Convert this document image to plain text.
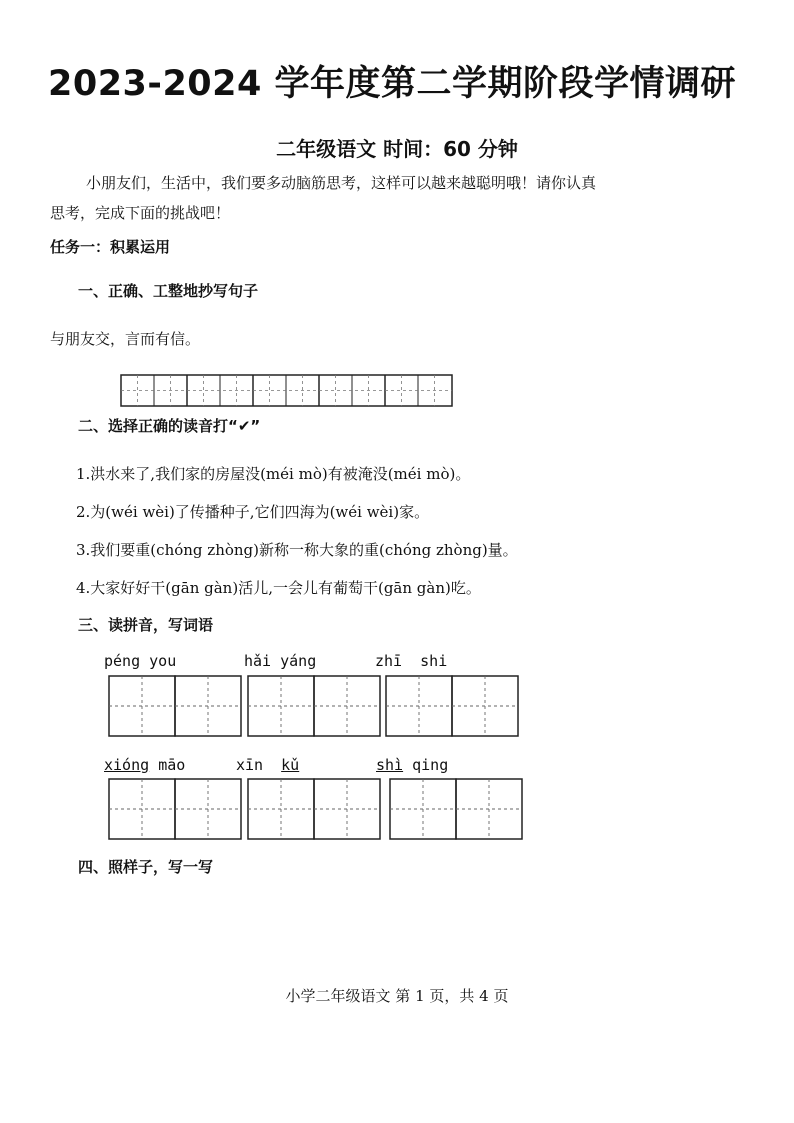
2023-2024 学年度第二学期阶段学情调研
二年级语文 时间：60 分钟
小朋友们，生活中，我们要多动脑筋思考，这样可以越来越聪明哦！请你认真
思考，完成下面的挑战吧！
任务一：积累运用
一、正确、工整地抄写句子
与朋友交，言而有信。
二、选择正确的读音打“✔”
1.洪水来了,我们家的房屋没(méi mò)有被淹没(méi mò)。
2.为(wéi wèi)了传播种子,它们四海为(wéi wèi)家。
3.我们要重(chóng zhòng)新称一称大象的重(chóng zhòng)量。
4.大家好好干(gān gàn)活儿,一会儿有葡萄干(gān gàn)吃。
三、读拼音，写词语
péng you	hǎi yáng	zhī shi
xióng māo	xīn kǔ	shì qing
四、照样子，写一写
小学二年级语文 第 1 页，共 4 页
